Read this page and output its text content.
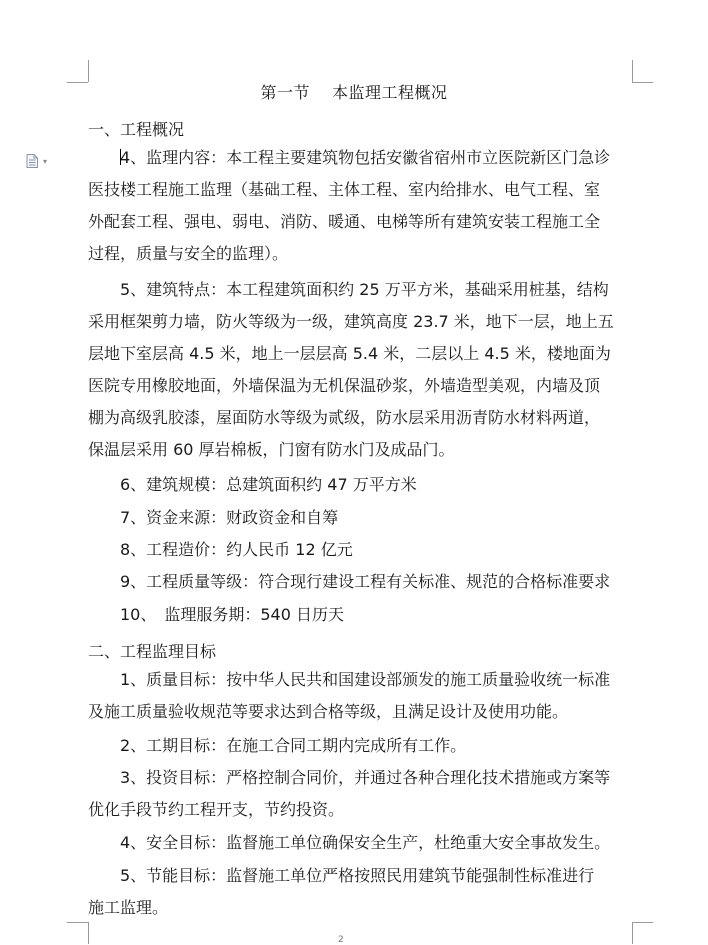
▾
第一节　 本监理工程概况
一、工程概况
4、监理内容：本工程主要建筑物包括安徽省宿州市立医院新区门急诊
医技楼工程施工监理（基础工程、主体工程、室内给排水、电气工程、室
外配套工程、强电、弱电、消防、暖通、电梯等所有建筑安装工程施工全
过程，质量与安全的监理）。
5、建筑特点：本工程建筑面积约 25 万平方米，基础采用桩基，结构
采用框架剪力墙，防火等级为一级，建筑高度 23.7 米，地下一层，地上五
层地下室层高 4.5 米，地上一层层高 5.4 米，二层以上 4.5 米，楼地面为
医院专用橡胶地面，外墙保温为无机保温砂浆，外墙造型美观，内墙及顶
棚为高级乳胶漆，屋面防水等级为贰级，防水层采用沥青防水材料两道，
保温层采用 60 厚岩棉板，门窗有防水门及成品门。
6、建筑规模：总建筑面积约 47 万平方米
7、资金来源：财政资金和自筹
8、工程造价：约人民币 12 亿元
9、工程质量等级：符合现行建设工程有关标准、规范的合格标准要求
10、　监理服务期：540 日历天
二、工程监理目标
1、质量目标：按中华人民共和国建设部颁发的施工质量验收统一标准
及施工质量验收规范等要求达到合格等级，且满足设计及使用功能。
2、工期目标：在施工合同工期内完成所有工作。
3、投资目标：严格控制合同价，并通过各种合理化技术措施或方案等
优化手段节约工程开支，节约投资。
4、安全目标：监督施工单位确保安全生产，杜绝重大安全事故发生。
5、节能目标：监督施工单位严格按照民用建筑节能强制性标准进行
施工监理。
2
